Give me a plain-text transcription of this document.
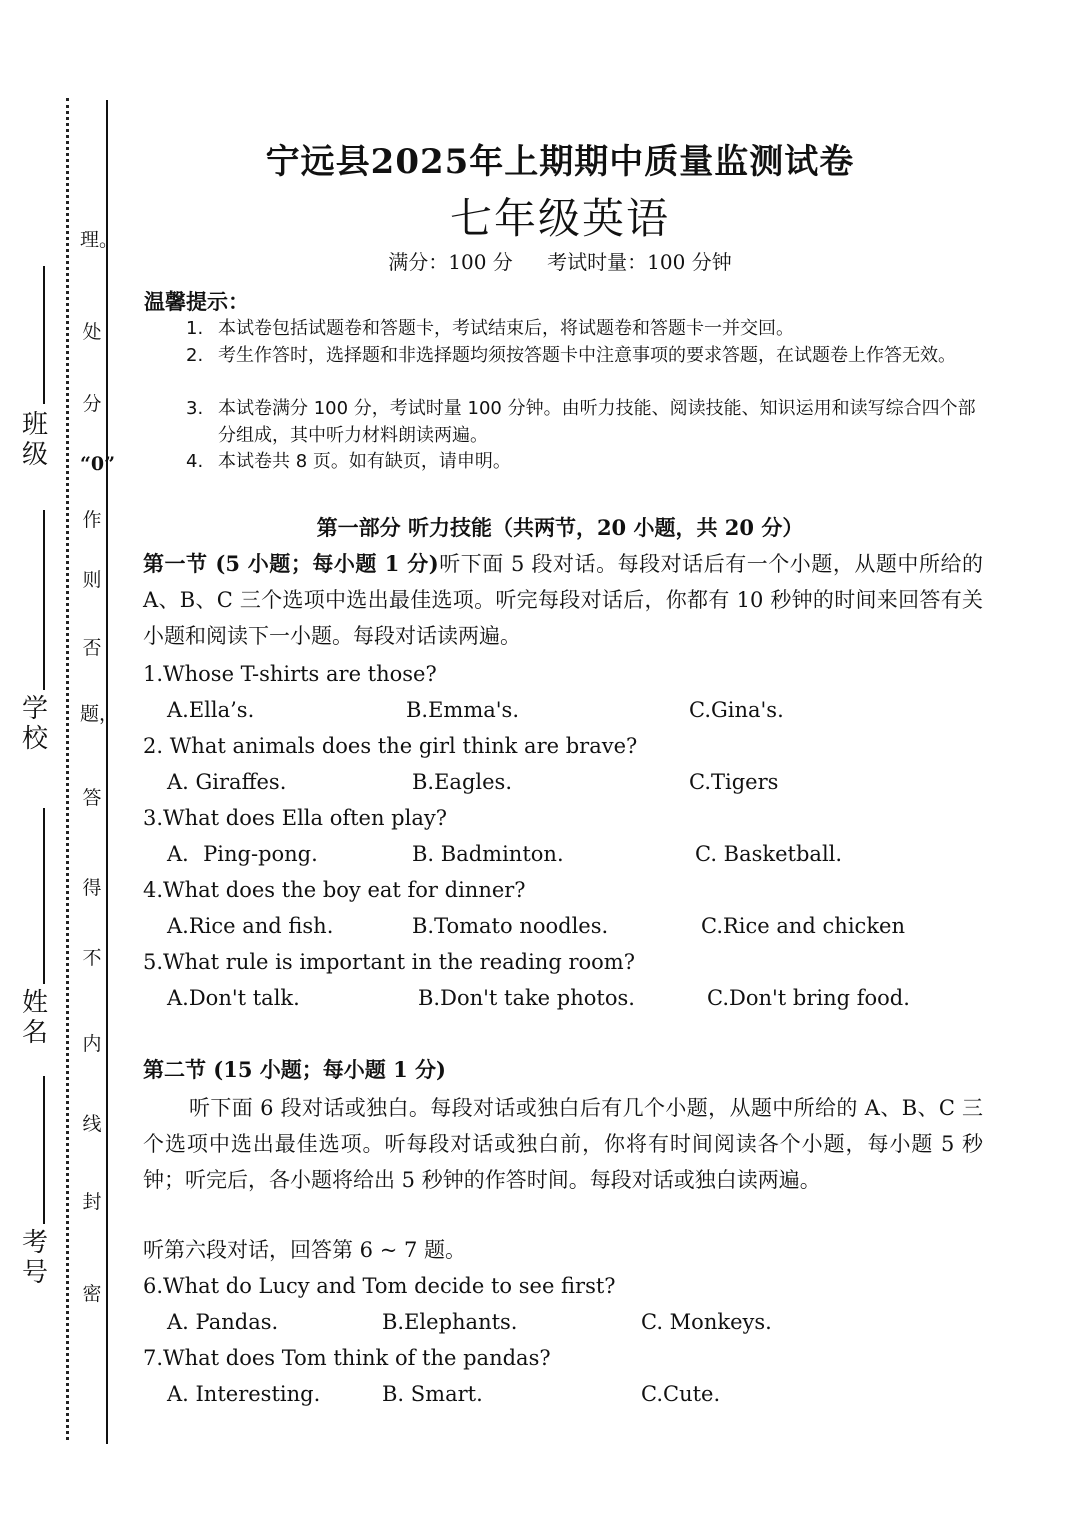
理。
处
分
“0”
作
则
否
题，
答
得
不
内
线
封
密
班级
学校
姓名
考号
宁远县2025年上期期中质量监测试卷
七年级英语
满分：100 分 考试时量：100 分钟
温馨提示：
1. 本试卷包括试题卷和答题卡，考试结束后，将试题卷和答题卡一并交回。
2. 考生作答时，选择题和非选择题均须按答题卡中注意事项的要求答题，在试题卷上作答无效。
3. 本试卷满分 100 分，考试时量 100 分钟。由听力技能、阅读技能、知识运用和读写综合四个部分组成，其中听力材料朗读两遍。
4. 本试卷共 8 页。如有缺页，请申明。
第一部分 听力技能（共两节，20 小题，共 20 分）
第一节 (5 小题；每小题 1 分)听下面 5 段对话。每段对话后有一个小题，从题中所给的 A、B、C 三个选项中选出最佳选项。听完每段对话后，你都有 10 秒钟的时间来回答有关小题和阅读下一小题。每段对话读两遍。
1.Whose T-shirts are those?
A.Ella’s.	B.Emma's.	C.Gina's.
2. What animals does the girl think are brave?
A. Giraffes.	B.Eagles.	C.Tigers
3.What does Ella often play?
A．Ping-pong.	B. Badminton.	C. Basketball.
4.What does the boy eat for dinner?
A.Rice and fish.	B.Tomato noodles.	C.Rice and chicken
5.What rule is important in the reading room?
A.Don't talk.	B.Don't take photos.	C.Don't bring food.
第二节 (15 小题；每小题 1 分)
听下面 6 段对话或独白。每段对话或独白后有几个小题，从题中所给的 A、B、C 三个选项中选出最佳选项。听每段对话或独白前，你将有时间阅读各个小题，每小题 5 秒钟；听完后，各小题将给出 5 秒钟的作答时间。每段对话或独白读两遍。
听第六段对话，回答第 6 ~ 7 题。
6.What do Lucy and Tom decide to see first?
A. Pandas.	B.Elephants.	C. Monkeys.
7.What does Tom think of the pandas?
A. Interesting.	B. Smart.	C.Cute.
